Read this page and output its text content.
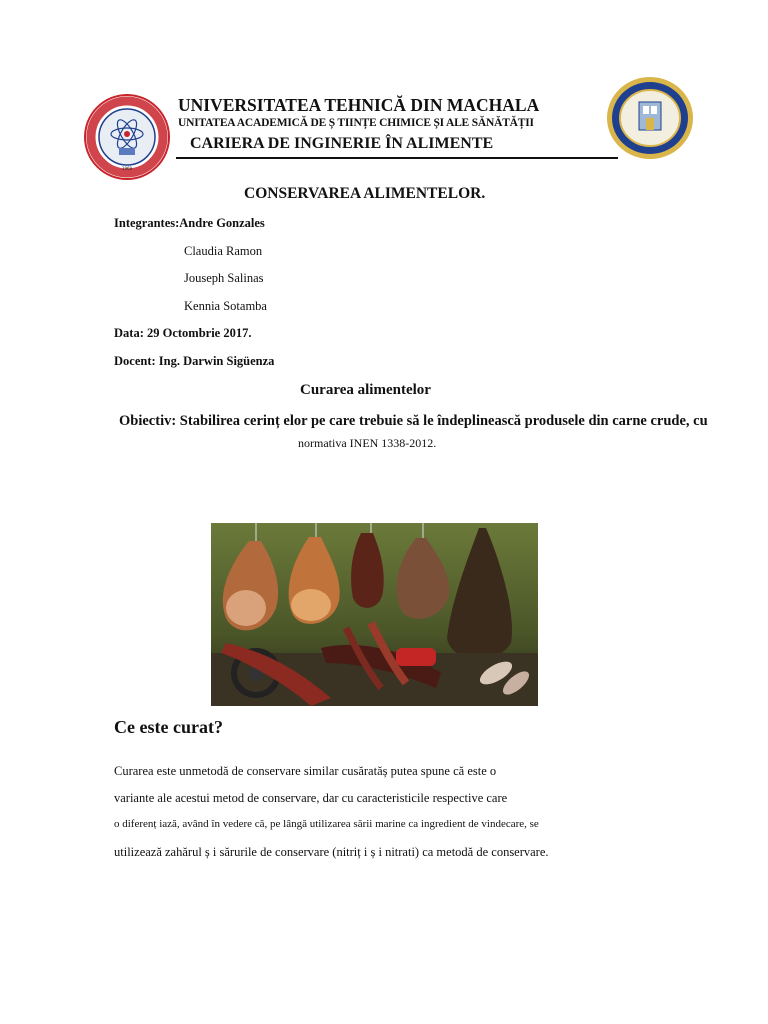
1969
UNIVERSITATEA TEHNICĂ DIN MACHALA
UNITATEA ACADEMICĂ DE Ș TIINȚE CHIMICE ȘI ALE SĂNĂTĂȚII
CARIERA DE INGINERIE ÎN ALIMENTE
CONSERVAREA ALIMENTELOR.
Integrantes:Andre Gonzales
Claudia Ramon
Jouseph Salinas
Kennia Sotamba
Data: 29 Octombrie 2017.
Docent: Ing. Darwin Sigüenza
Curarea alimentelor
Obiectiv: Stabilirea cerinț elor pe care trebuie să le îndeplinească produsele din carne crude, cu
normativa INEN 1338-2012.
Ce este curat?
Curarea este unmetodă de conservare similar cusăratăș putea spune că este o
variante ale acestui metod de conservare, dar cu caracteristicile respective care
o diferenț iază, având în vedere că, pe lângă utilizarea sării marine ca ingredient de vindecare, se
utilizează zahărul ș i sărurile de conservare (nitriț i ș i nitrati) ca metodă de conservare.
